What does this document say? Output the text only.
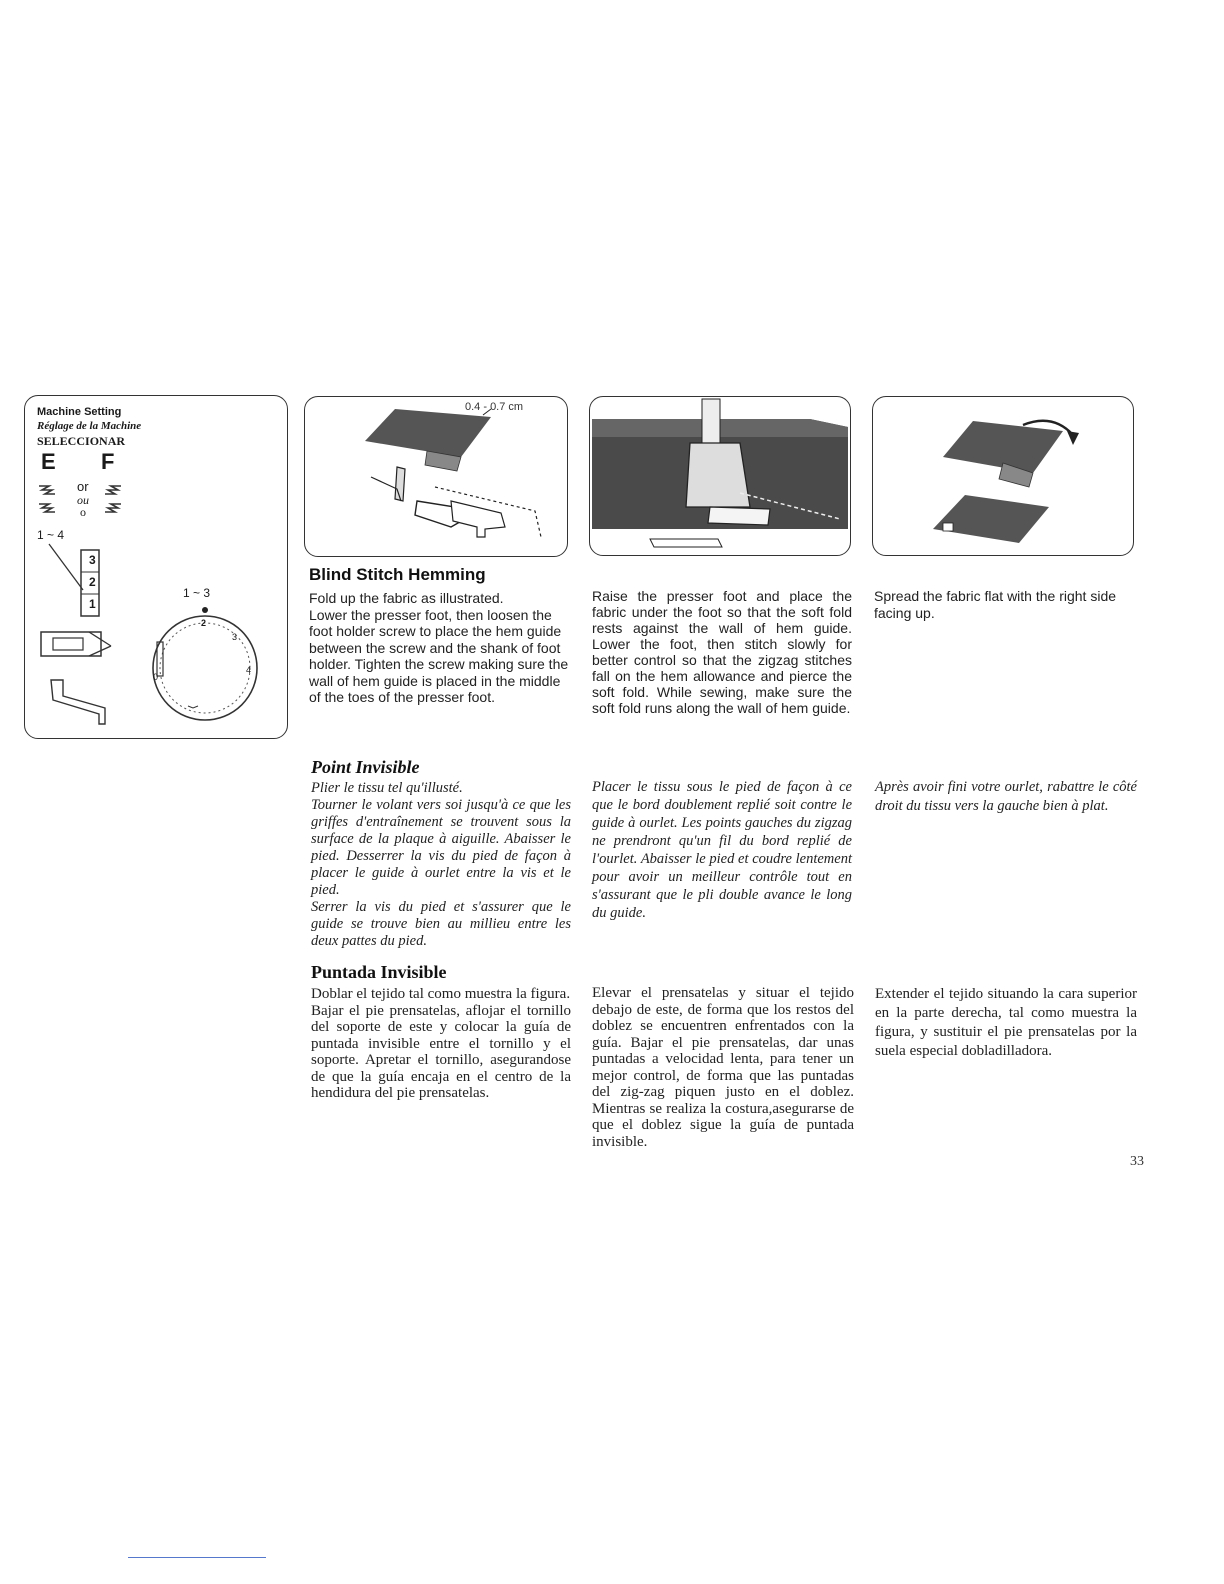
Machine Setting
Réglage de la Machine
SELECCIONAR
E F
or
ou
o
1 ~ 4
3
2
1
1 ~ 3
2
3
4
0
0.4 - 0.7 cm
Blind Stitch Hemming

Fold up the fabric as illustrated.

Lower the presser foot, then loosen the foot holder screw to place the hem guide between the screw and the shank of foot holder. Tighten the screw making sure the wall of hem guide is placed in the middle of the toes of the presser foot.

Raise the presser foot and place the fabric under the foot so that the soft fold rests against the wall of hem guide. Lower the foot, then stitch slowly for better control so that the zigzag stitches fall on the hem allowance and pierce the soft fold. While sewing, make sure the soft fold runs along the wall of hem guide.

Spread the fabric flat with the right side facing up.

Point Invisible

Plier le tissu tel qu'illusté.

Tourner le volant vers soi jusqu'à ce que les griffes d'entraînement se trouvent sous la surface de la plaque à aiguille. Abaisser le pied. Desserrer la vis du pied de façon à placer le guide à ourlet entre la vis et le pied.

Serrer la vis du pied et s'assurer que le guide se trouve bien au millieu entre les deux pattes du pied.

Placer le tissu sous le pied de façon à ce que le bord doublement replié soit contre le guide à ourlet. Les points gauches du zigzag ne prendront qu'un fil du bord replié de l'ourlet. Abaisser le pied et coudre lentement pour avoir un meilleur contrôle tout en s'assurant que le pli double avance le long du guide.

Après avoir fini votre ourlet, rabattre le côté droit du tissu vers la gauche bien à plat.

Puntada Invisible

Doblar el tejido tal como muestra la figura.

Bajar el pie prensatelas, aflojar el tornillo del soporte de este y colocar la guía de puntada invisible entre el tornillo y el soporte. Apretar el tornillo, asegurandose de que la guía encaja en el centro de la hendidura del pie prensatelas.

Elevar el prensatelas y situar el tejido debajo de este, de forma que los restos del doblez se encuentren enfrentados con la guía. Bajar el pie prensatelas, dar unas puntadas a velocidad lenta, para tener un mejor control, de forma que las puntadas del zig-zag piquen justo en el doblez. Mientras se realiza la costura,asegurarse de que el doblez sigue la guía de puntada invisible.

Extender el tejido situando la cara superior en la parte derecha, tal como muestra la figura, y sustituir el pie prensatelas por la suela especial dobladilladora.

33
